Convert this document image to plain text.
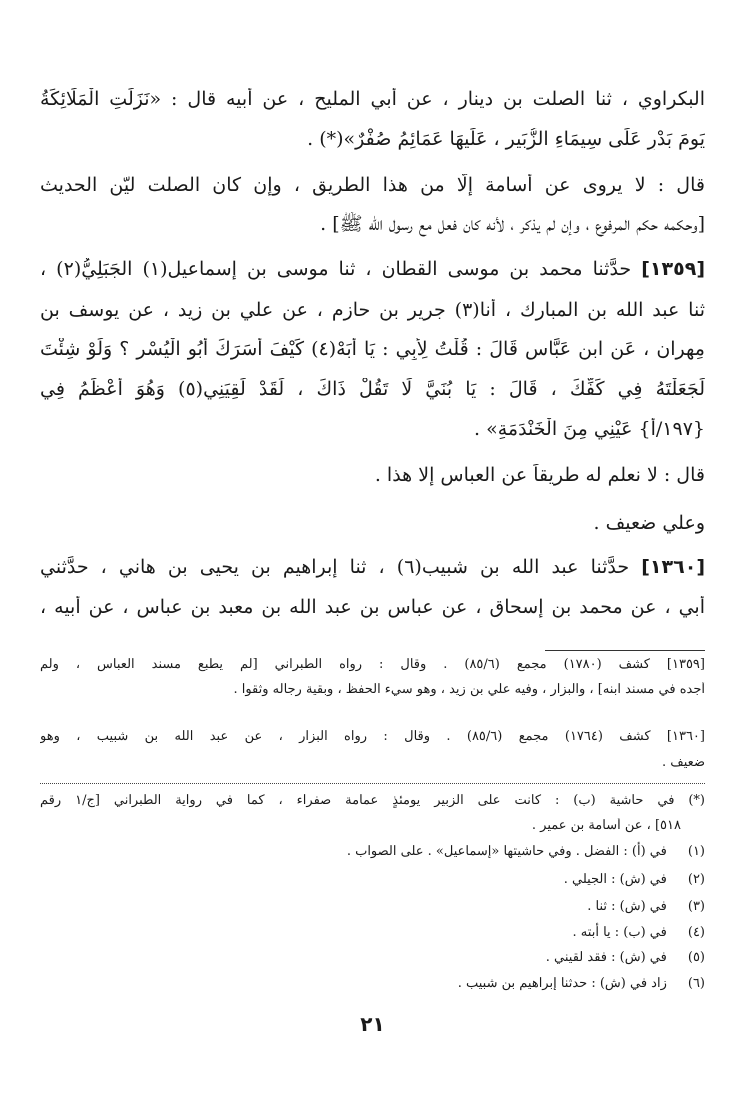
البكراوي ، ثنا الصلت بن دينار ، عن أبي المليح ، عن أبيه قال : «نَزَلَتِ الْمَلَائِكَةُ
يَومَ بَدْرٍ عَلَى سِيمَاءِ الزُّبَيرِ ، عَلَيهَا عَمَائِمُ صُفْرٌ»(*) .
قال : لا يروى عن أسامة إلَّا من هذا الطريق ، وإن كان الصلت ليّن الحديث
[وحكمه حكم المرفوع ، وإن لم يذكر ، لأنه كان فعل مع رسول الله ﷺ] .
[١٣٥٩] حدَّثنا محمد بن موسى القطان ، ثنا موسى بن إسماعيل(١) الجَبَلِيُّ(٢) ،
ثنا عبد الله بن المبارك ، أنا(٣) جرير بن حازم ، عن علي بن زيد ، عن يوسف بن
مِهران ، عَنِ ابنِ عَبَّاسٍ قَالَ : قُلْتُ لِأَبِي : يَا أَبَهْ(٤) كَيْفَ أَسَرَكَ أَبُو الْيُسْرِ ؟ وَلَوْ شِئْتَ
لَجَعَلْتَهُ فِي كَفِّكَ ، قَالَ : يَا بُنَيَّ لَا تَقُلْ ذَاكَ ، لَقَدْ لَقِيَنِي(٥) وَهُوَ أَعْظَمُ فِي
{١٩٧/أ} عَيْنِي مِنَ الْخَنْدَمَةِ» .
قال : لا نعلم له طريقاً عن العباس إلا هذا .
وعلي ضعيف .
[١٣٦٠] حدَّثنا عبد الله بن شبيب(٦) ، ثنا إبراهيم بن يحيى بن هاني ، حدَّثني
أبي ، عن محمد بن إسحاق ، عن عباس بن عبد الله بن معبد بن عباس ، عن أبيه ،
[١٣٥٩] كشف (١٧٨٠) مجمع (٨٥/٦) . وقال : رواه الطبراني [لم يطبع مسند العباس ، ولم
أجده في مسند ابنه] ، والبزار ، وفيه علي بن زيد ، وهو سيء الحفظ ، وبقية رجاله وثقوا .
[١٣٦٠] كشف (١٧٦٤) مجمع (٨٥/٦) . وقال : رواه البزار ، عن عبد الله بن شبيب ، وهو
ضعيف .
(*) في حاشية (ب) : كانت على الزبير يومئذٍ عمامة صفراء ، كما في رواية الطبراني [ج/١ رقم
٥١٨] ، عن أسامة بن عمير .
(١) في (أ) : الفضل . وفي حاشيتها «إسماعيل» . على الصواب .
(٢) في (ش) : الجيلي .
(٣) في (ش) : ثنا .
(٤) في (ب) : يا أبته .
(٥) في (ش) : فقد لقيني .
(٦) زاد في (ش) : حدثنا إبراهيم بن شبيب .
٢١
